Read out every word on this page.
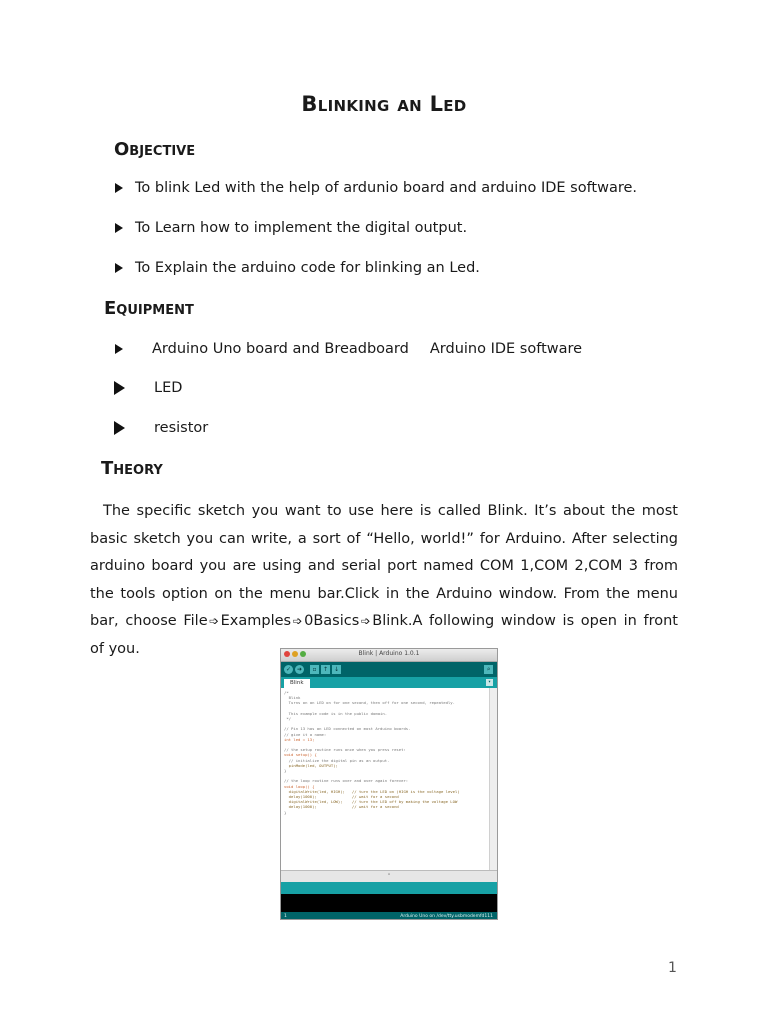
Blinking an Led
Objective
To blink Led with the help of ardunio board and arduino IDE software.
To Learn how to implement the digital output.
To Explain the arduino code for blinking an Led.
Equipment
Arduino Uno board and Breadboard Arduino IDE software
LED
resistor
Theory
The specific sketch you want to use here is called Blink. It’s about the most basic sketch you can write, a sort of “Hello, world!” for Arduino. After selecting arduino board you are using and serial port named COM 1,COM 2,COM 3 from the tools option on the menu bar.Click in the Arduino window. From the menu bar, choose File➩Examples➩0Basics➩Blink.A following window is open in front of you.	Blink | Arduino 1.0.1
✓ ➜	▫	↑ ↓	⌕
Blink	▾
/*
Blink
Turns on an LED on for one second, then off for one second, repeatedly.

This example code is in the public domain.
*/

// Pin 13 has an LED connected on most Arduino boards.
// give it a name:
int led = 13;

// the setup routine runs once when you press reset:
void setup() {
// initialize the digital pin as an output.
pinMode(led, OUTPUT);
}

// the loop routine runs over and over again forever:
void loop() {
digitalWrite(led, HIGH);   // turn the LED on (HIGH is the voltage level)
delay(1000);               // wait for a second
digitalWrite(led, LOW);    // turn the LED off by making the voltage LOW
delay(1000);               // wait for a second
}
▴
1	Arduino Uno on /dev/tty.usbmodemfd111
1
